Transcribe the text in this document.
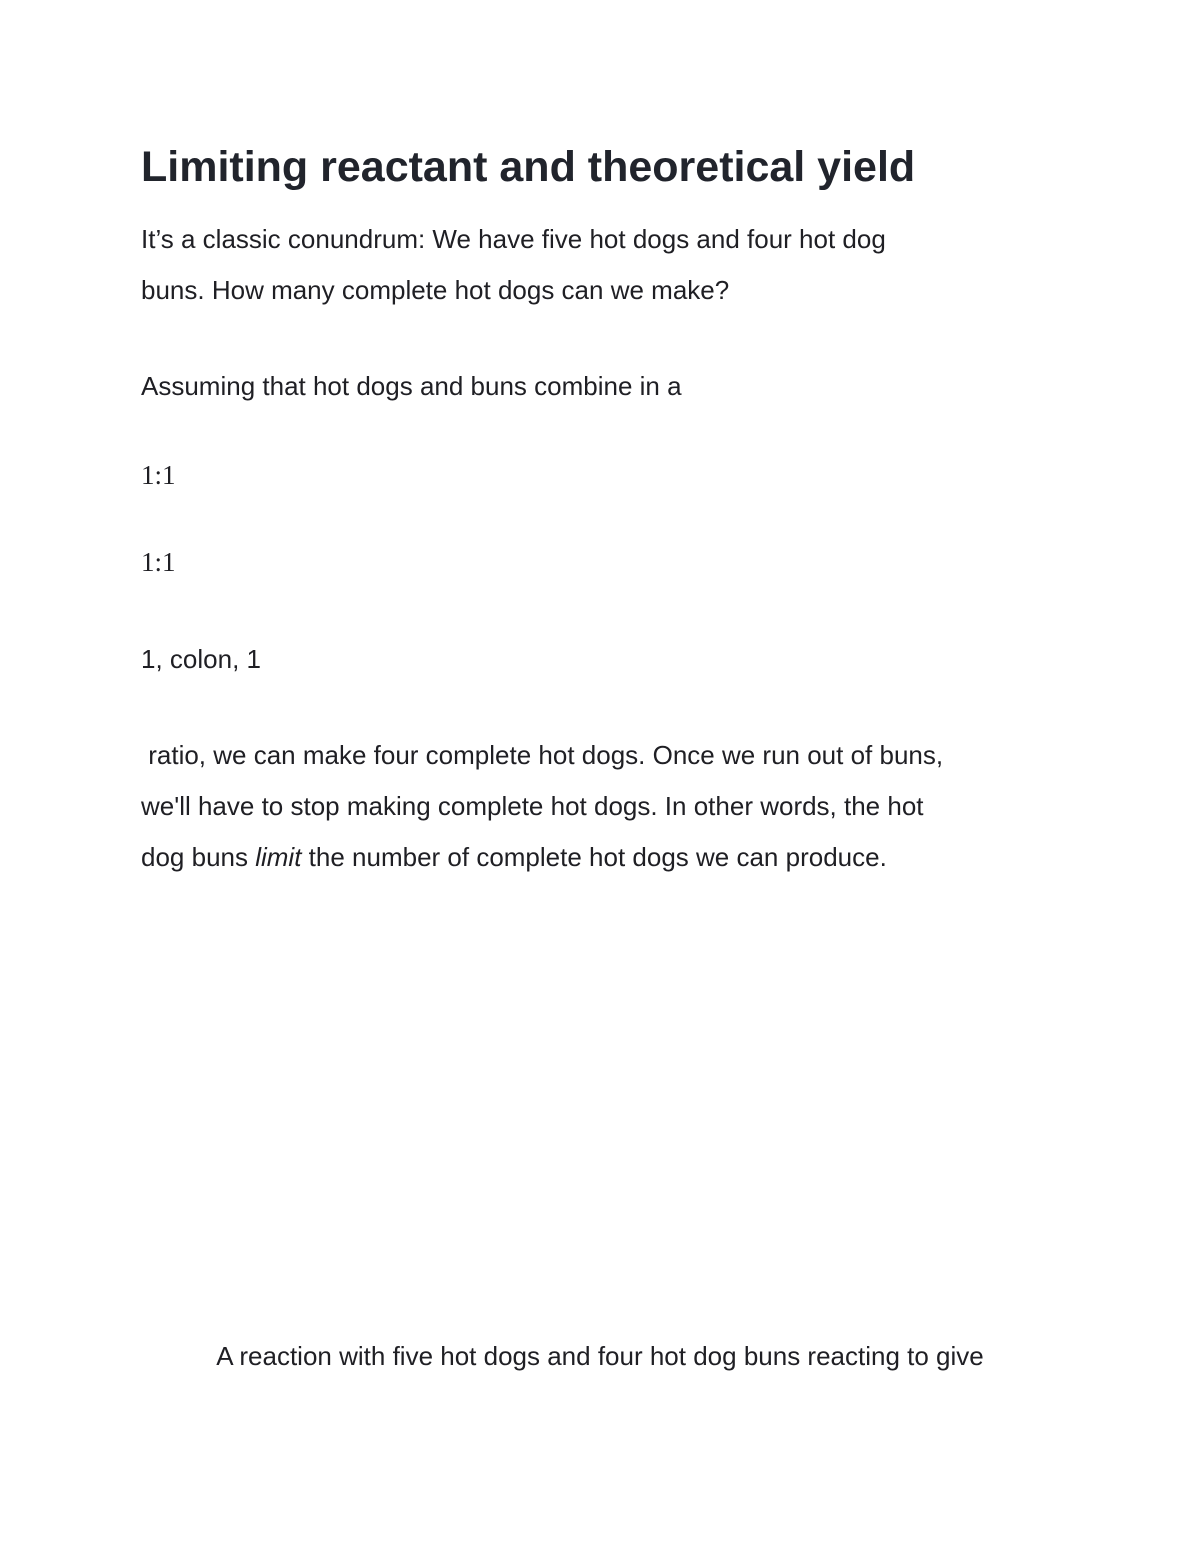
Limiting reactant and theoretical yield

It’s a classic conundrum: We have five hot dogs and four hot dog
buns. How many complete hot dogs can we make?

Assuming that hot dogs and buns combine in a

1:1

1:1

1, colon, 1

ratio, we can make four complete hot dogs. Once we run out of buns,
we'll have to stop making complete hot dogs. In other words, the hot
dog buns limit the number of complete hot dogs we can produce.

A reaction with five hot dogs and four hot dog buns reacting to give
